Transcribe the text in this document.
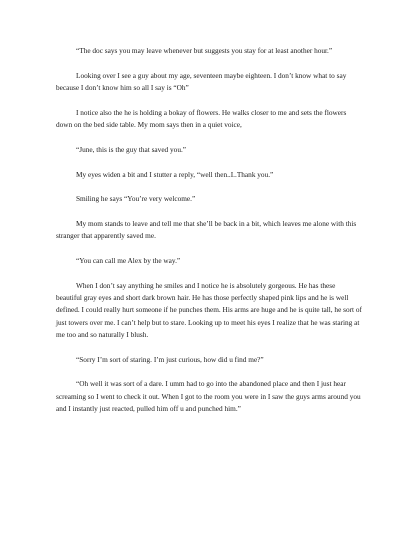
“The doc says you may leave whenever but suggests you stay for at least another hour.”

Looking over I see a guy about my age, seventeen maybe eighteen. I don’t know what to say because I don’t know him so all I say is “Oh”

I notice also the he is holding a bokay of flowers. He walks closer to me and sets the flowers down on the bed side table. My mom says then in a quiet voice,

“June, this is the guy that saved you.”

My eyes widen a bit and I stutter a reply, “well then..I..Thank you.”

Smiling he says “You’re very welcome.”

My mom stands to leave and tell me that she’ll be back in a bit, which leaves me alone with this stranger that apparently saved me.

“You can call me Alex by the way.”

When I don’t say anything he smiles and I notice he is absolutely gorgeous. He has these beautiful gray eyes and short dark brown hair. He has those perfectly shaped pink lips and he is well defined. I could really hurt someone if he punches them. His arms are huge and he is quite tall, he sort of just towers over me. I can’t help but to stare. Looking up to meet his eyes I realize that he was staring at me too and so naturally I blush.

“Sorry I’m sort of staring. I’m just curious, how did u find me?”

“Oh well it was sort of a dare. I umm had to go into the abandoned place and then I just hear screaming so I went to check it out. When I got to the room you were in I saw the guys arms around you and I instantly just reacted, pulled him off u and punched him.”
